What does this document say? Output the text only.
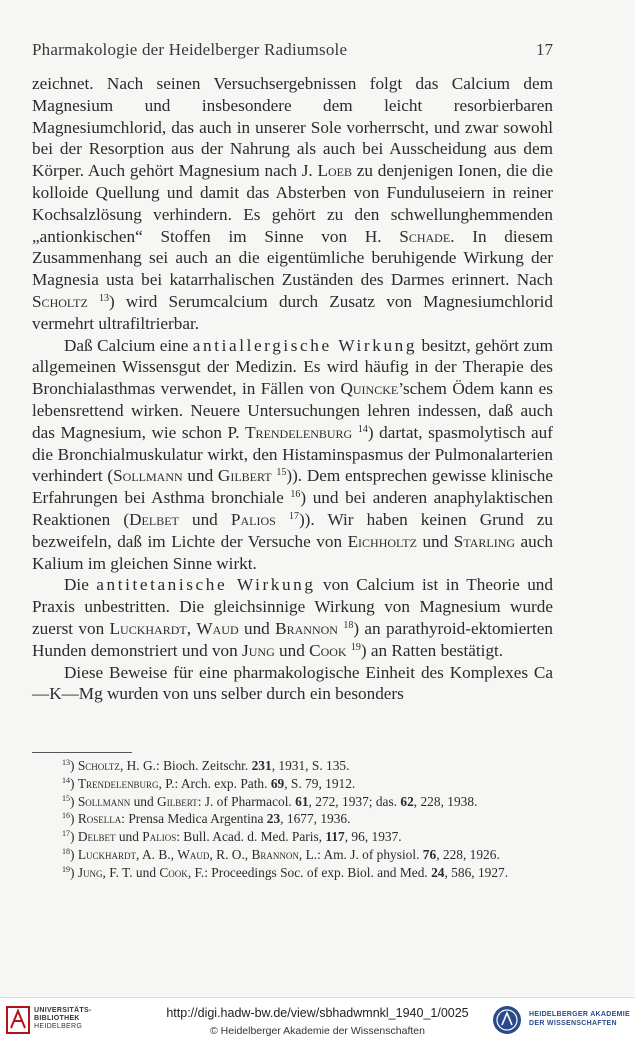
Pharmakologie der Heidelberger Radiumsole	17

zeichnet. Nach seinen Versuchsergebnissen folgt das Calcium dem Magnesium und insbesondere dem leicht resorbierbaren Magnesiumchlorid, das auch in unserer Sole vorherrscht, und zwar sowohl bei der Resorption aus der Nahrung als auch bei Ausscheidung aus dem Körper. Auch gehört Magnesium nach J. Loeb zu denjenigen Ionen, die die kolloide Quellung und damit das Absterben von Funduluseiern in reiner Kochsalzlösung verhindern. Es gehört zu den schwellunghemmenden „antionkischen“ Stoffen im Sinne von H. Schade. In diesem Zusammenhang sei auch an die eigentümliche beruhigende Wirkung der Magnesia usta bei katarrhalischen Zuständen des Darmes erinnert. Nach Scholtz $^{13}$) wird Serumcalcium durch Zusatz von Magnesiumchlorid vermehrt ultrafiltrierbar.

Daß Calcium eine antiallergische Wirkung besitzt, gehört zum allgemeinen Wissensgut der Medizin. Es wird häufig in der Therapie des Bronchialasthmas verwendet, in Fällen von Quincke’schem Ödem kann es lebensrettend wirken. Neuere Untersuchungen lehren indessen, daß auch das Magnesium, wie schon P. Trendelenburg $^{14}$) dartat, spasmolytisch auf die Bronchialmuskulatur wirkt, den Histaminspasmus der Pulmonalarterien verhindert (Sollmann und Gilbert $^{15}$)). Dem entsprechen gewisse klinische Erfahrungen bei Asthma bronchiale $^{16}$) und bei anderen anaphylaktischen Reaktionen (Delbet und Palios $^{17}$)). Wir haben keinen Grund zu bezweifeln, daß im Lichte der Versuche von Eichholtz und Starling auch Kalium im gleichen Sinne wirkt.

Die antitetanische Wirkung von Calcium ist in Theorie und Praxis unbestritten. Die gleichsinnige Wirkung von Magnesium wurde zuerst von Luckhardt, Waud und Brannon $^{18}$) an parathyroid-ektomierten Hunden demonstriert und von Jung und Cook $^{19}$) an Ratten bestätigt.

Diese Beweise für eine pharmakologische Einheit des Komplexes Ca—K—Mg wurden von uns selber durch ein besonders

$^{13}$) Scholtz, H. G.: Bioch. Zeitschr. 231, 1931, S. 135.

$^{14}$) Trendelenburg, P.: Arch. exp. Path. 69, S. 79, 1912.

$^{15}$) Sollmann und Gilbert: J. of Pharmacol. 61, 272, 1937; das. 62, 228, 1938.

$^{16}$) Rosella: Prensa Medica Argentina 23, 1677, 1936.

$^{17}$) Delbet und Palios: Bull. Acad. d. Med. Paris, 117, 96, 1937.

$^{18}$) Luckhardt, A. B., Waud, R. O., Brannon, L.: Am. J. of physiol. 76, 228, 1926.

$^{19}$) Jung, F. T. und Cook, F.: Proceedings Soc. of exp. Biol. and Med. 24, 586, 1927.

UNIVERSITÄTS-
BIBLIOTHEK
HEIDELBERG
http://digi.hadw-bw.de/view/sbhadwmnkl_1940_1/0025
© Heidelberger Akademie der Wissenschaften
HEIDELBERGER AKADEMIE
DER WISSENSCHAFTEN
